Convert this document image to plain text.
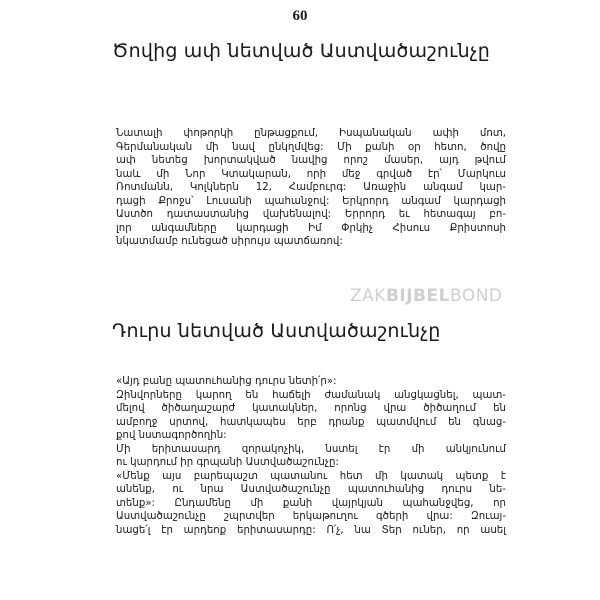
60
Ծովից ափ նետված Աստվածաշունչը
Նատալի փոթորկի ընթացքում, Իսպանական ափի մոտ,
Գերմանական մի նավ ընկղմվեց: Մի քանի օր հետո, ծովը
ափ նետեց խորտակված նավից որոշ մասեր, այդ թվում
նաև մի Նոր Կտակարան, որի մեջ գրված էր՝ Մարկուս
Ռոտմանն, Կոլկներն 12, Համբուրգ: Առաջին անգամ կար-
դացի Քրոջս՝ Լուսանի պահանջով: Երկրորդ անգամ կարդացի
Աստծո դատաստանից վախենալով: Երրորդ եւ հետագայ բո-
լոր անգամները կարդացի Իմ Փրկիչ Հիսուս Քրիստոսի
նկատմամբ ունեցած սիրույս պատճառով:
ZAKBIJBELBOND
Դուրս նետված Աստվածաշունչը
«Այդ բանը պատուհանից դուրս նետի՛ր»:
Զինվորները կարող են հաճելի ժամանակ անցկացնել, պատ-
մելով ծիծաղաշարժ կատակներ, որոնց վրա ծիծաղում են
ամբողջ սրտով, հատկապես երբ դրանք պատմվում են գնաց-
քով նստագործողին:
Մի երիտասարդ զորակոչիկ, նստել էր մի անկյունում
ու կարդում իր գրպանի Աստվածաշունչը:
«Մենք այս բարեպաշտ պատանու հետ մի կատակ պետք է
անենք, ու նրա Աստվածաշունչը պատուհանից դուրս նե-
տենք»: Ընդամենը մի քանի վայրկյան պահանջվեց, որ
Աստվածաշունչը շպրտվեր երկաթուղու գծերի վրա: Զուայ-
նացե՛լ էր արդեոք երիտասարդը: Ո՛չ, նա Տեր ուներ, որ ասել
